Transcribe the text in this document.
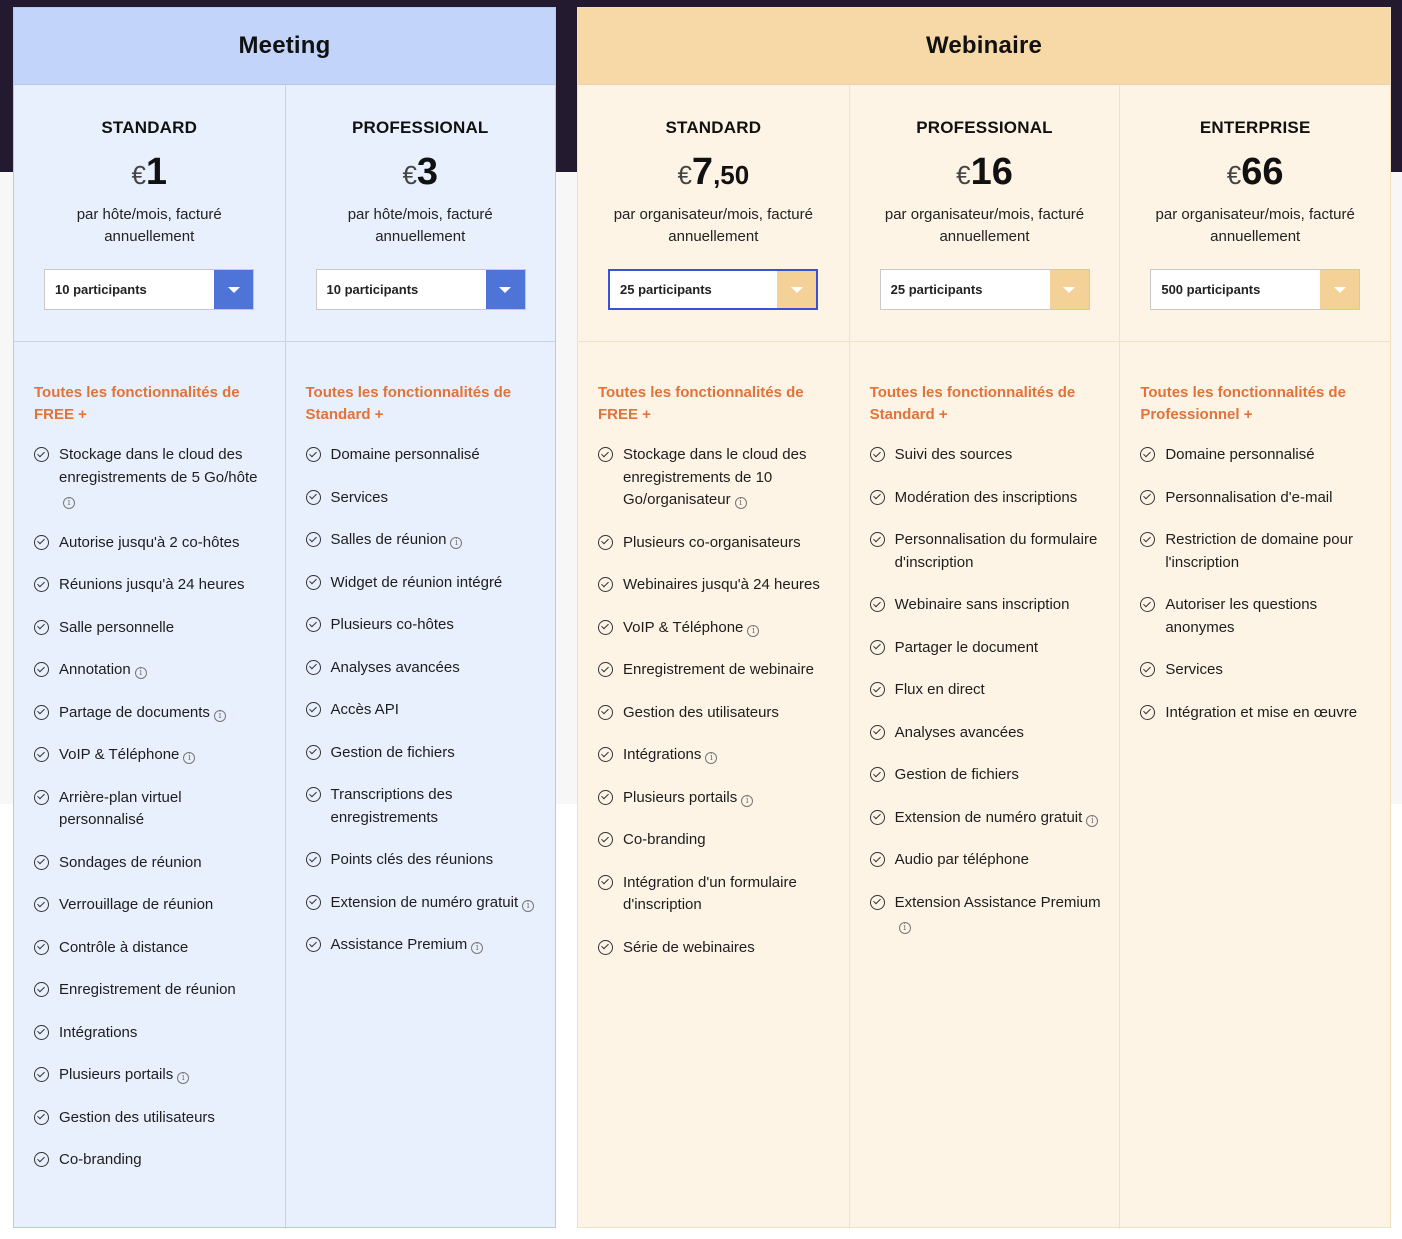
Meeting
STANDARD
€1
par hôte/mois, facturé annuellement
10 participants
Toutes les fonctionnalités de FREE +
Stockage dans le cloud des enregistrements de 5 Go/hôtei
Autorise jusqu'à 2 co-hôtes
Réunions jusqu'à 24 heures
Salle personnelle
Annotation i
Partage de documents i
VoIP & Téléphone i
Arrière-plan virtuel personnalisé
Sondages de réunion
Verrouillage de réunion
Contrôle à distance
Enregistrement de réunion
Intégrations
Plusieurs portails i
Gestion des utilisateurs
Co-branding
PROFESSIONAL
€3
par hôte/mois, facturé annuellement
10 participants
Toutes les fonctionnalités de Standard +
Domaine personnalisé
Services
Salles de réunion i
Widget de réunion intégré
Plusieurs co-hôtes
Analyses avancées
Accès API
Gestion de fichiers
Transcriptions des enregistrements
Points clés des réunions
Extension de numéro gratuit i
Assistance Premium i
Webinaire
STANDARD
€7,50
par organisateur/mois, facturé annuellement
25 participants
Toutes les fonctionnalités de FREE +
Stockage dans le cloud des enregistrements de 10 Go/organisateur i
Plusieurs co-organisateurs
Webinaires jusqu'à 24 heures
VoIP & Téléphone i
Enregistrement de webinaire
Gestion des utilisateurs
Intégrations i
Plusieurs portails i
Co-branding
Intégration d'un formulaire d'inscription
Série de webinaires
PROFESSIONAL
€16
par organisateur/mois, facturé annuellement
25 participants
Toutes les fonctionnalités de Standard +
Suivi des sources
Modération des inscriptions
Personnalisation du formulaire d'inscription
Webinaire sans inscription
Partager le document
Flux en direct
Analyses avancées
Gestion de fichiers
Extension de numéro gratuit i
Audio par téléphone
Extension Assistance Premiumi
ENTERPRISE
€66
par organisateur/mois, facturé annuellement
500 participants
Toutes les fonctionnalités de Professionnel +
Domaine personnalisé
Personnalisation d'e-mail
Restriction de domaine pour l'inscription
Autoriser les questions anonymes
Services
Intégration et mise en œuvre
